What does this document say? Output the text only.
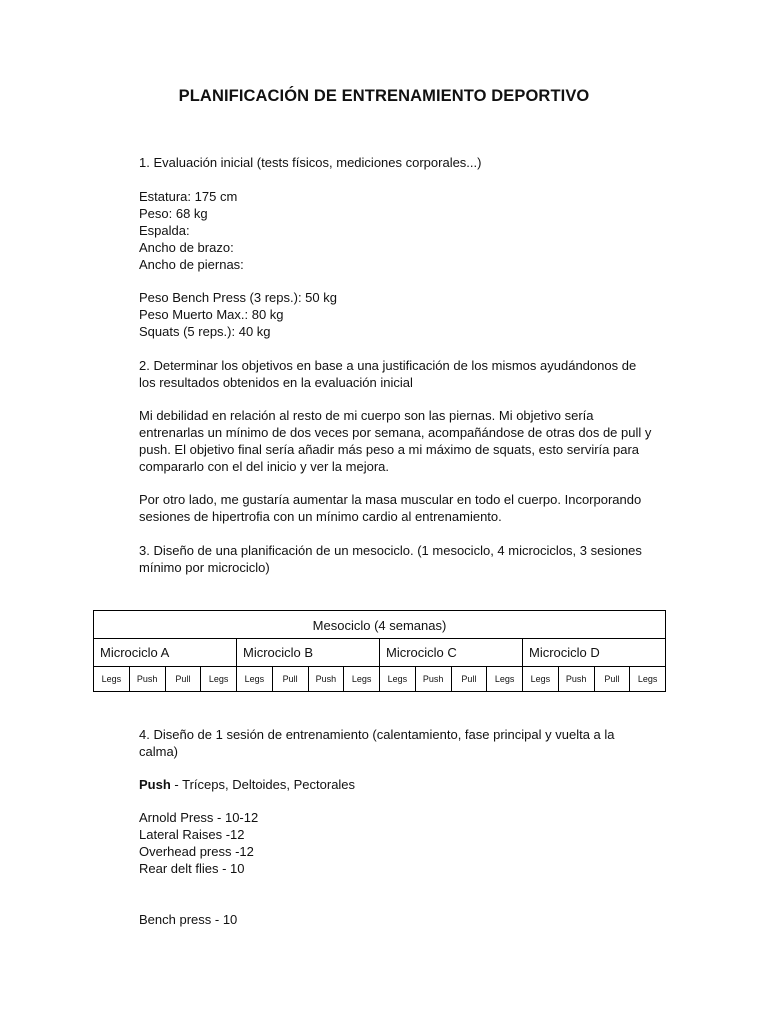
PLANIFICACIÓN DE ENTRENAMIENTO DEPORTIVO

1. Evaluación inicial (tests físicos, mediciones corporales...)

Estatura: 175 cm

Peso: 68 kg

Espalda:

Ancho de brazo:

Ancho de piernas:

Peso Bench Press (3 reps.): 50 kg

Peso Muerto Max.: 80 kg

Squats (5 reps.): 40 kg

2. Determinar los objetivos en base a una justificación de los mismos ayudándonos de

los resultados obtenidos en la evaluación inicial

Mi debilidad en relación al resto de mi cuerpo son las piernas. Mi objetivo sería

entrenarlas un mínimo de dos veces por semana, acompañándose de otras dos de pull y

push. El objetivo final sería añadir más peso a mi máximo de squats, esto serviría para

compararlo con el del inicio y ver la mejora.

Por otro lado, me gustaría aumentar la masa muscular en todo el cuerpo. Incorporando

sesiones de hipertrofia con un mínimo cardio al entrenamiento.

3. Diseño de una planificación de un mesociclo. (1 mesociclo, 4 microciclos, 3 sesiones

mínimo por microciclo)

Mesociclo (4 semanas)
Microciclo A	Microciclo B	Microciclo C	Microciclo D
Legs	Push	Pull	Legs	Legs	Pull	Push	Legs	Legs	Push	Pull	Legs	Legs	Push	Pull	Legs

4. Diseño de 1 sesión de entrenamiento (calentamiento, fase principal y vuelta a la

calma)

Push - Tríceps, Deltoides, Pectorales

Arnold Press - 10-12

Lateral Raises -12

Overhead press -12

Rear delt flies - 10

Bench press - 10
